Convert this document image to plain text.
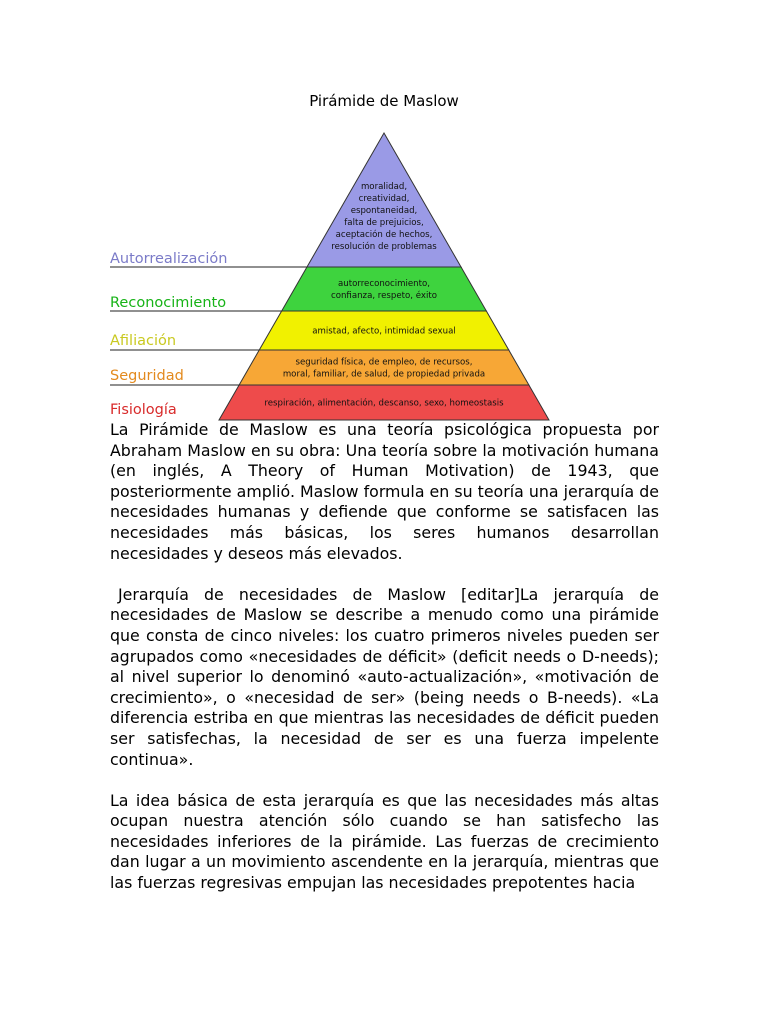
Pirámide de Maslow
Autorrealización
moralidad,
creatividad,
espontaneidad,
falta de prejuicios,
aceptación de hechos,
resolución de problemas
Reconocimiento
autorreconocimiento,
confianza, respeto, éxito
Afiliación
amistad, afecto, intimidad sexual
Seguridad
seguridad física, de empleo, de recursos,
moral, familiar, de salud, de propiedad privada
Fisiología	respiración, alimentación, descanso, sexo, homeostasis

La Pirámide de Maslow es una teoría psicológica propuesta por Abraham Maslow en su obra: Una teoría sobre la motivación humana (en inglés, A Theory of Human Motivation) de 1943, que posteriormente amplió. Maslow formula en su teoría una jerarquía de necesidades humanas y defiende que conforme se satisfacen las necesidades más básicas, los seres humanos desarrollan necesidades y deseos más elevados.

Jerarquía de necesidades de Maslow [editar]La jerarquía de necesidades de Maslow se describe a menudo como una pirámide que consta de cinco niveles: los cuatro primeros niveles pueden ser agrupados como «necesidades de déficit» (deficit needs o D-needs); al nivel superior lo denominó «auto-actualización», «motivación de crecimiento», o «necesidad de ser» (being needs o B-needs). «La diferencia estriba en que mientras las necesidades de déficit pueden ser satisfechas, la necesidad de ser es una fuerza impelente continua».

La idea básica de esta jerarquía es que las necesidades más altas ocupan nuestra atención sólo cuando se han satisfecho las necesidades inferiores de la pirámide. Las fuerzas de crecimiento dan lugar a un movimiento ascendente en la jerarquía, mientras que las fuerzas regresivas empujan las necesidades prepotentes hacia
